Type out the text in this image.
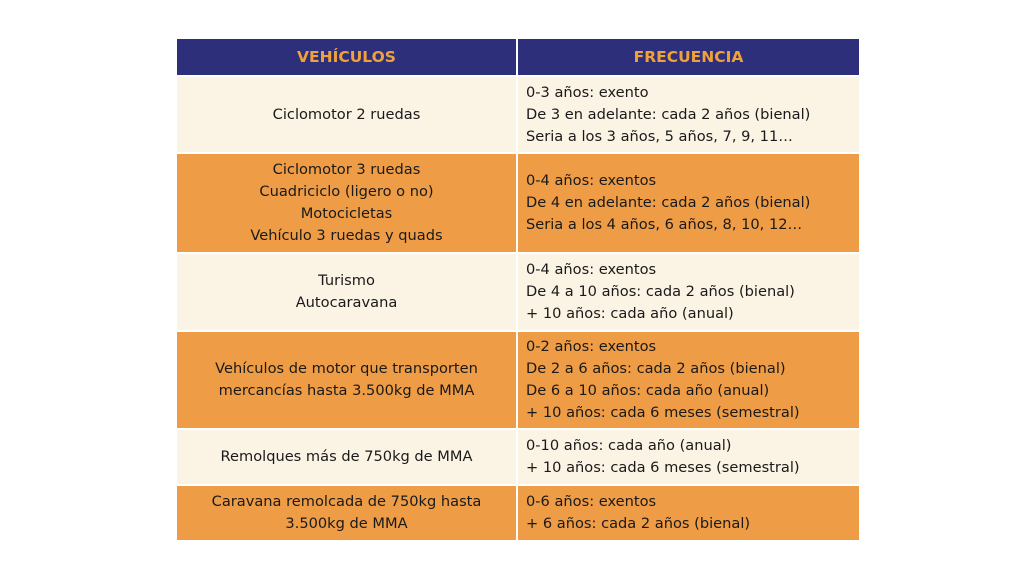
VEHÍCULOS	FRECUENCIA

Ciclomotor 2 ruedas	0-3 años: exento
De 3 en adelante: cada 2 años (bienal)
Seria a los 3 años, 5 años, 7, 9, 11…

Ciclomotor 3 ruedas
Cuadriciclo (ligero o no)
Motocicletas
Vehículo 3 ruedas y quads	0-4 años: exentos
De 4 en adelante: cada 2 años (bienal)
Seria a los 4 años, 6 años, 8, 10, 12…

Turismo
Autocaravana	0-4 años: exentos
De 4 a 10 años: cada 2 años (bienal)
+ 10 años: cada año (anual)

Vehículos de motor que transporten
mercancías hasta 3.500kg de MMA	0-2 años: exentos
De 2 a 6 años: cada 2 años (bienal)
De 6 a 10 años: cada año (anual)
+ 10 años: cada 6 meses (semestral)

Remolques más de 750kg de MMA	0-10 años: cada año (anual)
+ 10 años: cada 6 meses (semestral)

Caravana remolcada de 750kg hasta
3.500kg de MMA	0-6 años: exentos
+ 6 años: cada 2 años (bienal)
